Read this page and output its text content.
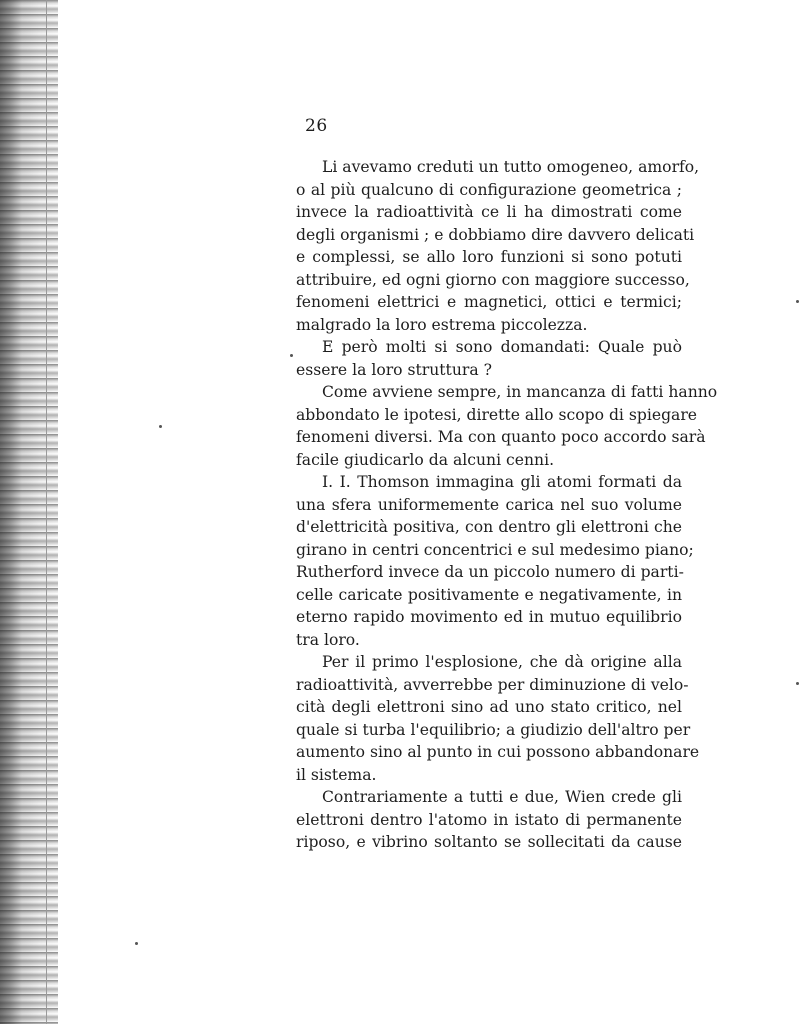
26
Li avevamo creduti un tutto omogeneo, amorfo,
o al più qualcuno di configurazione geometrica ;
invece la radioattività ce li ha dimostrati come
degli organismi ; e dobbiamo dire davvero delicati
e complessi, se allo loro funzioni si sono potuti
attribuire, ed ogni giorno con maggiore successo,
fenomeni elettrici e magnetici, ottici e termici;
malgrado la loro estrema piccolezza.
E però molti si sono domandati: Quale può
essere la loro struttura ?
Come avviene sempre, in mancanza di fatti hanno
abbondato le ipotesi, dirette allo scopo di spiegare
fenomeni diversi. Ma con quanto poco accordo sarà
facile giudicarlo da alcuni cenni.
I. I. Thomson immagina gli atomi formati da
una sfera uniformemente carica nel suo volume
d'elettricità positiva, con dentro gli elettroni che
girano in centri concentrici e sul medesimo piano;
Rutherford invece da un piccolo numero di parti-
celle caricate positivamente e negativamente, in
eterno rapido movimento ed in mutuo equilibrio
tra loro.
Per il primo l'esplosione, che dà origine alla
radioattività, avverrebbe per diminuzione di velo-
cità degli elettroni sino ad uno stato critico, nel
quale si turba l'equilibrio; a giudizio dell'altro per
aumento sino al punto in cui possono abbandonare
il sistema.
Contrariamente a tutti e due, Wien crede gli
elettroni dentro l'atomo in istato di permanente
riposo, e vibrino soltanto se sollecitati da cause
